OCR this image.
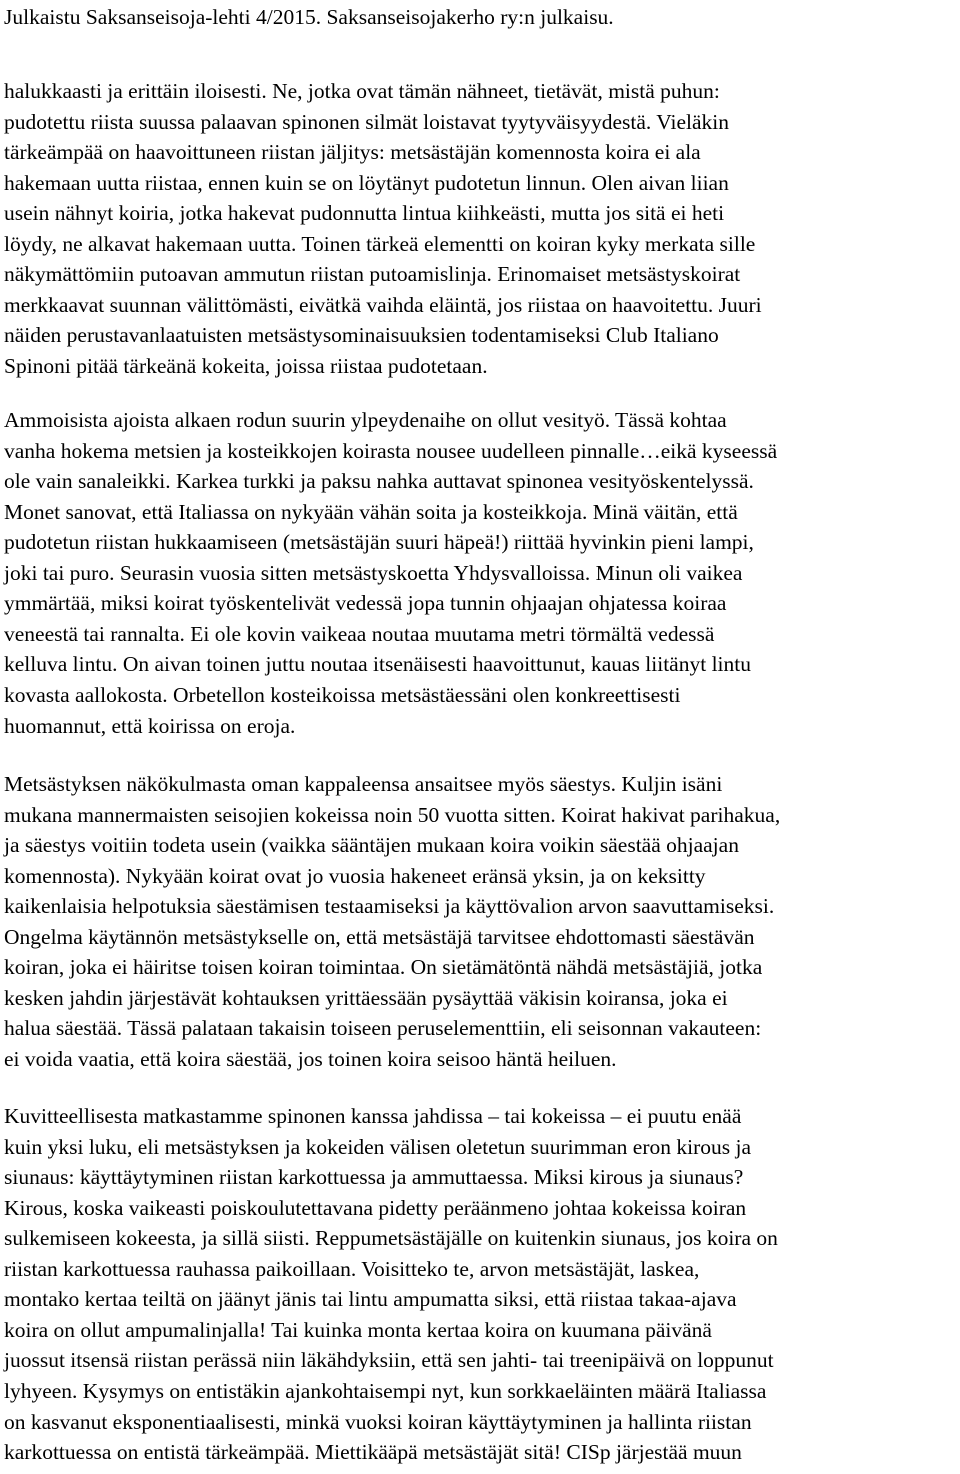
Julkaistu Saksanseisoja-lehti 4/2015. Saksanseisojakerho ry:n julkaisu.
halukkaasti ja erittäin iloisesti. Ne, jotka ovat tämän nähneet, tietävät, mistä puhun:
pudotettu riista suussa palaavan spinonen silmät loistavat tyytyväisyydestä. Vieläkin
tärkeämpää on haavoittuneen riistan jäljitys: metsästäjän komennosta koira ei ala
hakemaan uutta riistaa, ennen kuin se on löytänyt pudotetun linnun. Olen aivan liian
usein nähnyt koiria, jotka hakevat pudonnutta lintua kiihkeästi, mutta jos sitä ei heti
löydy, ne alkavat hakemaan uutta. Toinen tärkeä elementti on koiran kyky merkata sille
näkymättömiin putoavan ammutun riistan putoamislinja. Erinomaiset metsästyskoirat
merkkaavat suunnan välittömästi, eivätkä vaihda eläintä, jos riistaa on haavoitettu. Juuri
näiden perustavanlaatuisten metsästysominaisuuksien todentamiseksi Club Italiano
Spinoni pitää tärkeänä kokeita, joissa riistaa pudotetaan.
Ammoisista ajoista alkaen rodun suurin ylpeydenaihe on ollut vesityö. Tässä kohtaa
vanha hokema metsien ja kosteikkojen koirasta nousee uudelleen pinnalle…eikä kyseessä
ole vain sanaleikki. Karkea turkki ja paksu nahka auttavat spinonea vesityöskentelyssä.
Monet sanovat, että Italiassa on nykyään vähän soita ja kosteikkoja. Minä väitän, että
pudotetun riistan hukkaamiseen (metsästäjän suuri häpeä!) riittää hyvinkin pieni lampi,
joki tai puro. Seurasin vuosia sitten metsästyskoetta Yhdysvalloissa. Minun oli vaikea
ymmärtää, miksi koirat työskentelivät vedessä jopa tunnin ohjaajan ohjatessa koiraa
veneestä tai rannalta. Ei ole kovin vaikeaa noutaa muutama metri törmältä vedessä
kelluva lintu. On aivan toinen juttu noutaa itsenäisesti haavoittunut, kauas liitänyt lintu
kovasta aallokosta. Orbetellon kosteikoissa metsästäessäni olen konkreettisesti
huomannut, että koirissa on eroja.
Metsästyksen näkökulmasta oman kappaleensa ansaitsee myös säestys. Kuljin isäni
mukana mannermaisten seisojien kokeissa noin 50 vuotta sitten. Koirat hakivat parihakua,
ja säestys voitiin todeta usein (vaikka sääntäjen mukaan koira voikin säestää ohjaajan
komennosta). Nykyään koirat ovat jo vuosia hakeneet eränsä yksin, ja on keksitty
kaikenlaisia helpotuksia säestämisen testaamiseksi ja käyttövalion arvon saavuttamiseksi.
Ongelma käytännön metsästykselle on, että metsästäjä tarvitsee ehdottomasti säestävän
koiran, joka ei häiritse toisen koiran toimintaa. On sietämätöntä nähdä metsästäjiä, jotka
kesken jahdin järjestävät kohtauksen yrittäessään pysäyttää väkisin koiransa, joka ei
halua säestää. Tässä palataan takaisin toiseen peruselementtiin, eli seisonnan vakauteen:
ei voida vaatia, että koira säestää, jos toinen koira seisoo häntä heiluen.
Kuvitteellisesta matkastamme spinonen kanssa jahdissa – tai kokeissa – ei puutu enää
kuin yksi luku, eli metsästyksen ja kokeiden välisen oletetun suurimman eron kirous ja
siunaus: käyttäytyminen riistan karkottuessa ja ammuttaessa. Miksi kirous ja siunaus?
Kirous, koska vaikeasti poiskoulutettavana pidetty peräänmeno johtaa kokeissa koiran
sulkemiseen kokeesta, ja sillä siisti. Reppumetsästäjälle on kuitenkin siunaus, jos koira on
riistan karkottuessa rauhassa paikoillaan. Voisitteko te, arvon metsästäjät, laskea,
montako kertaa teiltä on jäänyt jänis tai lintu ampumatta siksi, että riistaa takaa-ajava
koira on ollut ampumalinjalla! Tai kuinka monta kertaa koira on kuumana päivänä
juossut itsensä riistan perässä niin läkähdyksiin, että sen jahti- tai treenipäivä on loppunut
lyhyeen. Kysymys on entistäkin ajankohtaisempi nyt, kun sorkkaeläinten määrä Italiassa
on kasvanut eksponentiaalisesti, minkä vuoksi koiran käyttäytyminen ja hallinta riistan
karkottuessa on entistä tärkeämpää. Miettikääpä metsästäjät sitä! CISp järjestää muun
